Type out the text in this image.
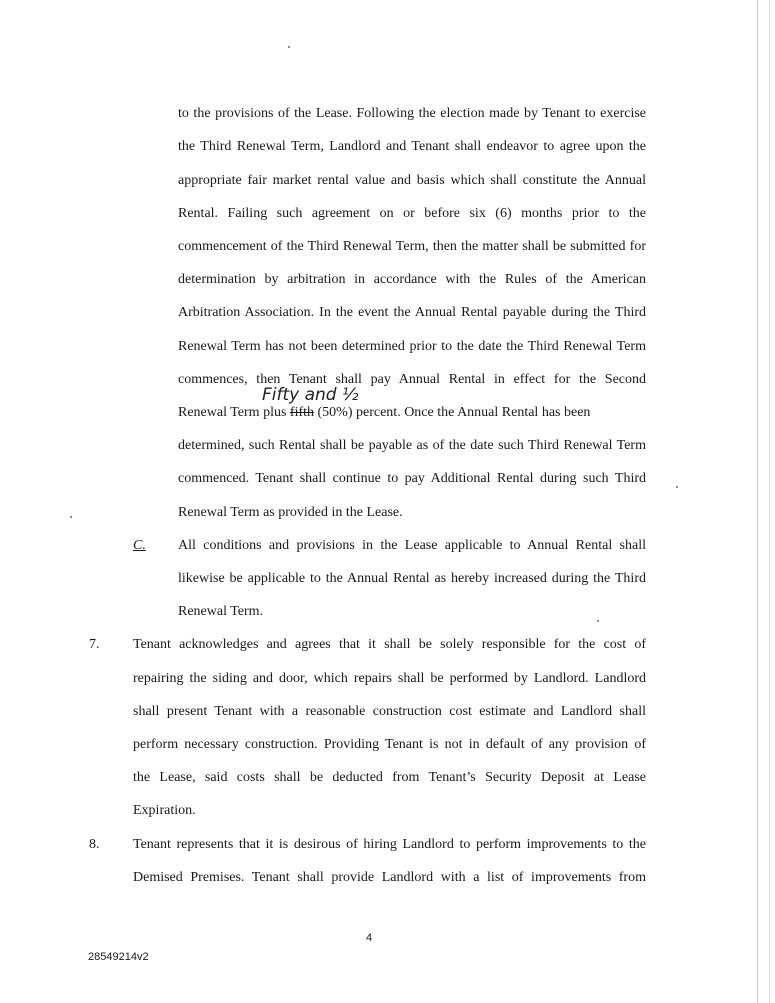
to the provisions of the Lease. Following the election made by Tenant to exercise
the Third Renewal Term, Landlord and Tenant shall endeavor to agree upon the
appropriate fair market rental value and basis which shall constitute the Annual
Rental. Failing such agreement on or before six (6) months prior to the
commencement of the Third Renewal Term, then the matter shall be submitted for
determination by arbitration in accordance with the Rules of the American
Arbitration Association. In the event the Annual Rental payable during the Third
Renewal Term has not been determined prior to the date the Third Renewal Term
commences, then Tenant shall pay Annual Rental in effect for the Second
Fifty and ½
Renewal Term plus fifth (50%) percent. Once the Annual Rental has been
determined, such Rental shall be payable as of the date such Third Renewal Term
commenced. Tenant shall continue to pay Additional Rental during such Third
Renewal Term as provided in the Lease.
C. All conditions and provisions in the Lease applicable to Annual Rental shall
likewise be applicable to the Annual Rental as hereby increased during the Third
Renewal Term.
7. Tenant acknowledges and agrees that it shall be solely responsible for the cost of
repairing the siding and door, which repairs shall be performed by Landlord. Landlord
shall present Tenant with a reasonable construction cost estimate and Landlord shall
perform necessary construction. Providing Tenant is not in default of any provision of
the Lease, said costs shall be deducted from Tenant’s Security Deposit at Lease
Expiration.
8. Tenant represents that it is desirous of hiring Landlord to perform improvements to the
Demised Premises. Tenant shall provide Landlord with a list of improvements from
4
28549214v2
